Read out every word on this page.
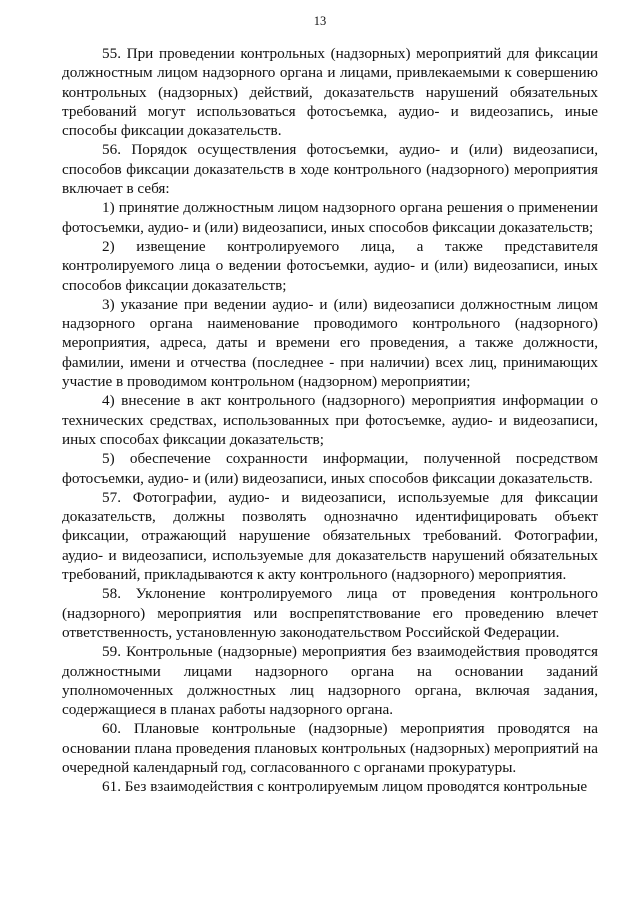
13

55. При проведении контрольных (надзорных) мероприятий для фиксации должностным лицом надзорного органа и лицами, привлекаемыми к совершению контрольных (надзорных) действий, доказательств нарушений обязательных требований могут использоваться фотосъемка, аудио- и видеозапись, иные способы фиксации доказательств.

56. Порядок осуществления фотосъемки, аудио- и (или) видеозаписи, способов фиксации доказательств в ходе контрольного (надзорного) мероприятия включает в себя:

1) принятие должностным лицом надзорного органа решения о применении фотосъемки, аудио- и (или) видеозаписи, иных способов фиксации доказательств;

2) извещение контролируемого лица, а также представителя контролируемого лица о ведении фотосъемки, аудио- и (или) видеозаписи, иных способов фиксации доказательств;

3) указание при ведении аудио- и (или) видеозаписи должностным лицом надзорного органа наименование проводимого контрольного (надзорного) мероприятия, адреса, даты и времени его проведения, а также должности, фамилии, имени и отчества (последнее - при наличии) всех лиц, принимающих участие в проводимом контрольном (надзорном) мероприятии;

4) внесение в акт контрольного (надзорного) мероприятия информации о технических средствах, использованных при фотосъемке, аудио- и видеозаписи, иных способах фиксации доказательств;

5) обеспечение сохранности информации, полученной посредством фотосъемки, аудио- и (или) видеозаписи, иных способов фиксации доказательств.

57. Фотографии, аудио- и видеозаписи, используемые для фиксации доказательств, должны позволять однозначно идентифицировать объект фиксации, отражающий нарушение обязательных требований. Фотографии, аудио- и видеозаписи, используемые для доказательств нарушений обязательных требований, прикладываются к акту контрольного (надзорного) мероприятия.

58. Уклонение контролируемого лица от проведения контрольного (надзорного) мероприятия или воспрепятствование его проведению влечет ответственность, установленную законодательством Российской Федерации.

59. Контрольные (надзорные) мероприятия без взаимодействия проводятся должностными лицами надзорного органа на основании заданий уполномоченных должностных лиц надзорного органа, включая задания, содержащиеся в планах работы надзорного органа.

60. Плановые контрольные (надзорные) мероприятия проводятся на основании плана проведения плановых контрольных (надзорных) мероприятий на очередной календарный год, согласованного с органами прокуратуры.

61. Без взаимодействия с контролируемым лицом проводятся контрольные
